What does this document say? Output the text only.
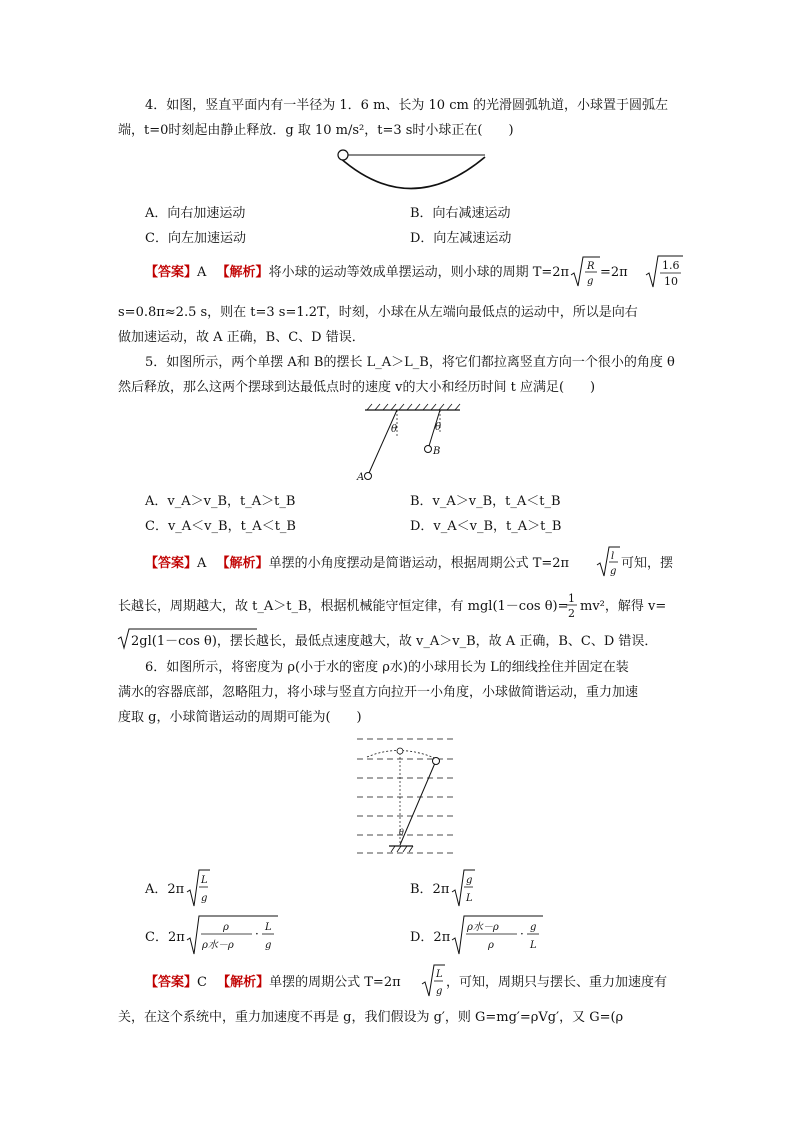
4．如图，竖直平面内有一半径为 1．6 m、长为 10 cm 的光滑圆弧轨道，小球置于圆弧左
端，t=0时刻起由静止释放．g 取 10 m/s²，t=3 s时小球正在(　　)
A．向右加速运动	B．向右减速运动
C．向左加速运动	D．向左减速运动
【答案】A 【解析】将小球的运动等效成单摆运动，则小球的周期 T=2π R
g
=2π	1.6
10
s=0.8π≈2.5 s，则在 t=3 s=1.2T，时刻，小球在从左端向最低点的运动中，所以是向右
做加速运动，故 A 正确，B、C、D 错误．
5．如图所示，两个单摆 A和 B的摆长 L_A＞L_B，将它们都拉离竖直方向一个很小的角度 θ
然后释放，那么这两个摆球到达最低点时的速度 v的大小和经历时间 t 应满足(　　)
A
θ
B
θ
A．v_A＞v_B，t_A＞t_B	B．v_A＞v_B，t_A＜t_B
C．v_A＜v_B，t_A＜t_B	D．v_A＜v_B，t_A＞t_B
【答案】A 【解析】单摆的小角度摆动是简谐运动，根据周期公式 T=2π	l
g
可知，摆
长越长，周期越大，故 t_A＞t_B，根据机械能守恒定律，有 mgl(1－cos θ)=
1
2 mv²，解得 v=
2gl(1－cos θ)，摆长越长，最低点速度越大，故 v_A＞v_B，故 A 正确，B、C、D 错误．
6．如图所示，将密度为 ρ(小于水的密度 ρ水)的小球用长为 L的细线拴住并固定在装
满水的容器底部，忽略阻力，将小球与竖直方向拉开一小角度，小球做简谐运动，重力加速
度取 g，小球简谐运动的周期可能为(　　)
θ
A．2π
L
g
B．2π
g
L
C．2π
ρ
ρ水－ρ
· L
g
D．2π
ρ水－ρ
ρ
· g
L
【答案】C 【解析】单摆的周期公式 T=2π
L
g
，可知，周期只与摆长、重力加速度有
关，在这个系统中，重力加速度不再是 g，我们假设为 g′，则 G=mg′=ρVg′，又 G=(ρ
